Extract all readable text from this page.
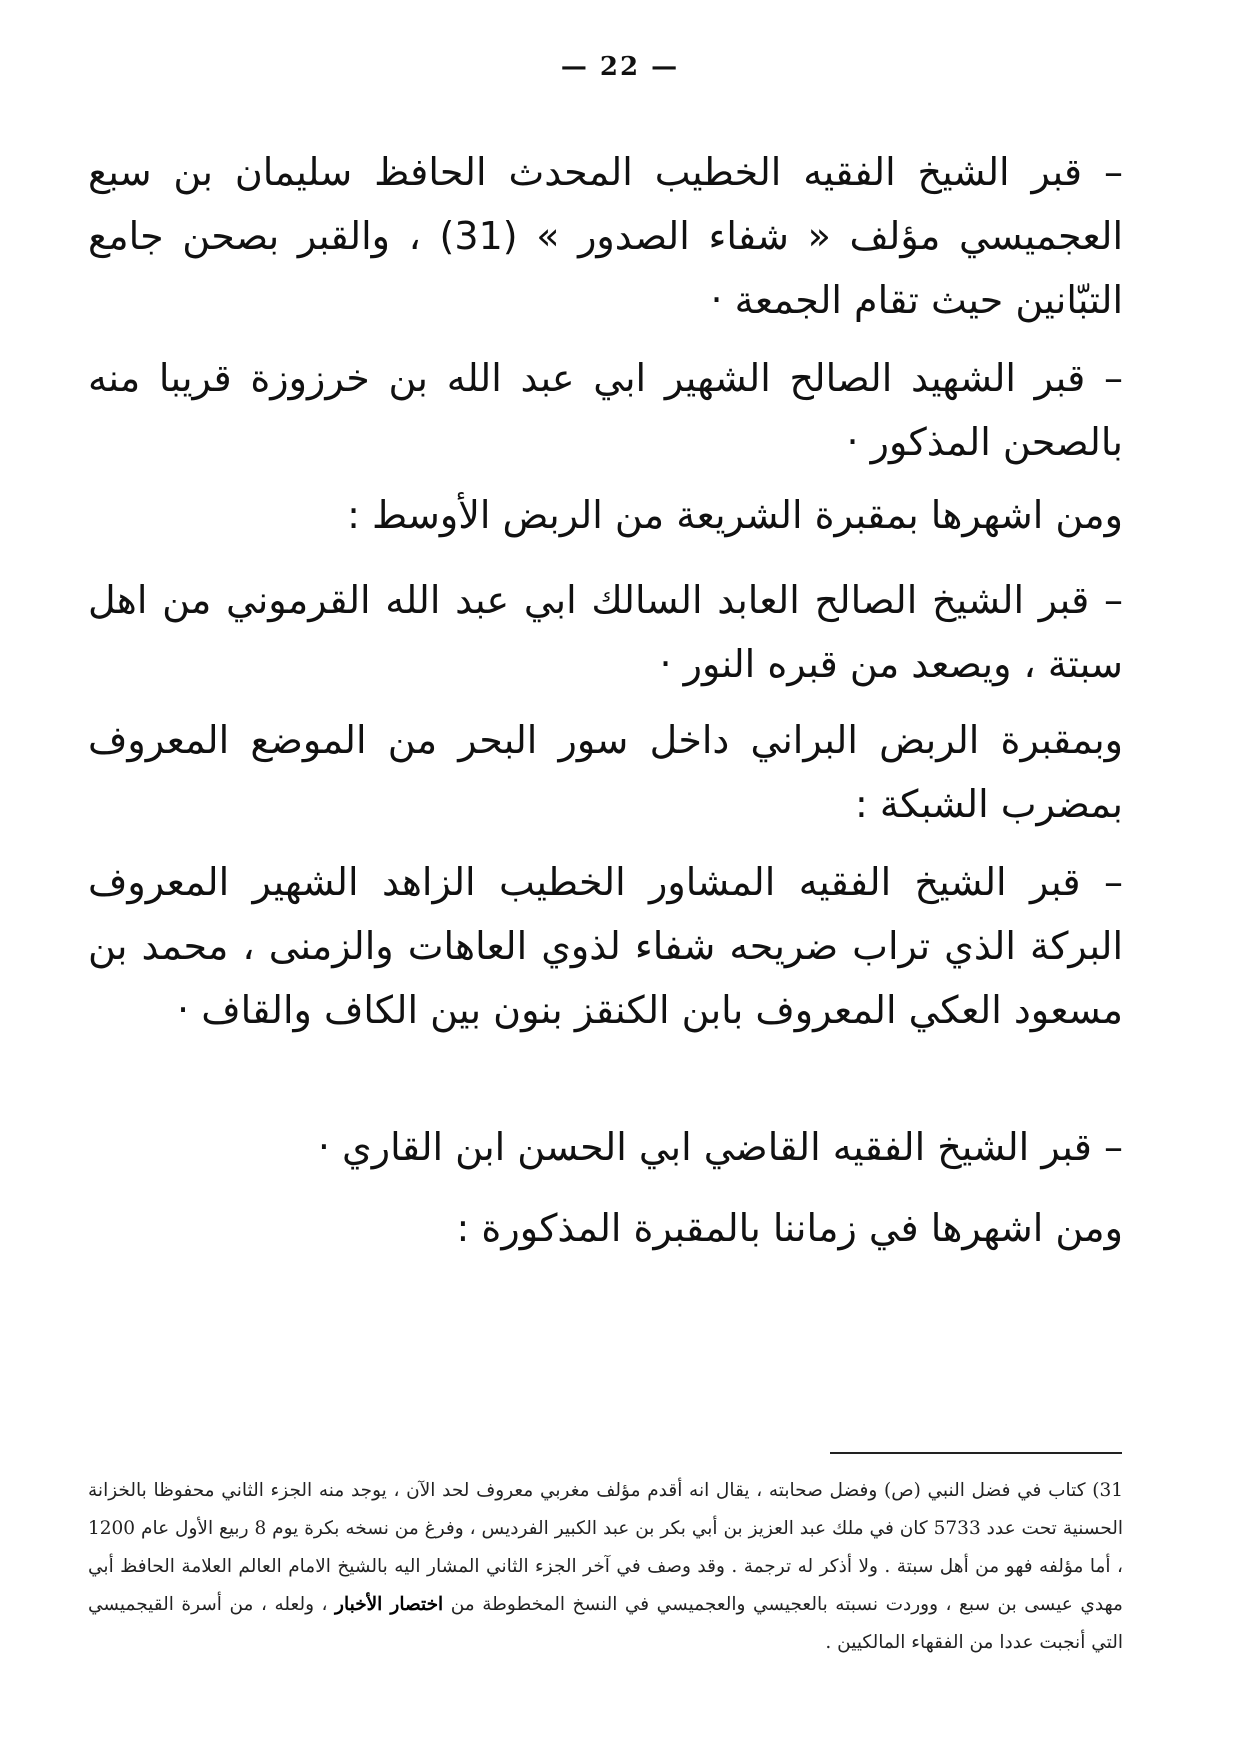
— 22 —

– قبر الشيخ الفقيه الخطيب المحدث الحافظ سليمان بن سبع العجميسي مؤلف « شفاء الصدور » (31) ، والقبر بصحن جامع التبّانين حيث تقام الجمعة ·

– قبر الشهيد الصالح الشهير ابي عبد الله بن خرزوزة قريبا منه بالصحن المذكور ·

ومن اشهرها بمقبرة الشريعة من الربض الأوسط :

– قبر الشيخ الصالح العابد السالك ابي عبد الله القرموني من اهل سبتة ، ويصعد من قبره النور ·

وبمقبرة الربض البراني داخل سور البحر من الموضع المعروف بمضرب الشبكة :

– قبر الشيخ الفقيه المشاور الخطيب الزاهد الشهير المعروف البركة الذي تراب ضريحه شفاء لذوي العاهات والزمنى ، محمد بن مسعود العكي المعروف بابن الكنقز بنون بين الكاف والقاف ·

– قبر الشيخ الفقيه القاضي ابي الحسن ابن القاري ·

ومن اشهرها في زماننا بالمقبرة المذكورة :

31) كتاب في فضل النبي (ص) وفضل صحابته ، يقال انه أقدم مؤلف مغربي معروف لحد الآن ، يوجد منه الجزء الثاني محفوظا بالخزانة الحسنية تحت عدد 5733 كان في ملك عبد العزيز بن أبي بكر بن عبد الكبير الفرديس ، وفرغ من نسخه بكرة يوم 8 ربيع الأول عام 1200 ، أما مؤلفه فهو من أهل سبتة . ولا أذكر له ترجمة . وقد وصف في آخر الجزء الثاني المشار اليه بالشيخ الامام العالم العلامة الحافظ أبي مهدي عيسى بن سبع ، ووردت نسبته بالعجيسي والعجميسي في النسخ المخطوطة من اختصار الأخبار ، ولعله ، من أسرة القيجميسي التي أنجبت عددا من الفقهاء المالكيين .
